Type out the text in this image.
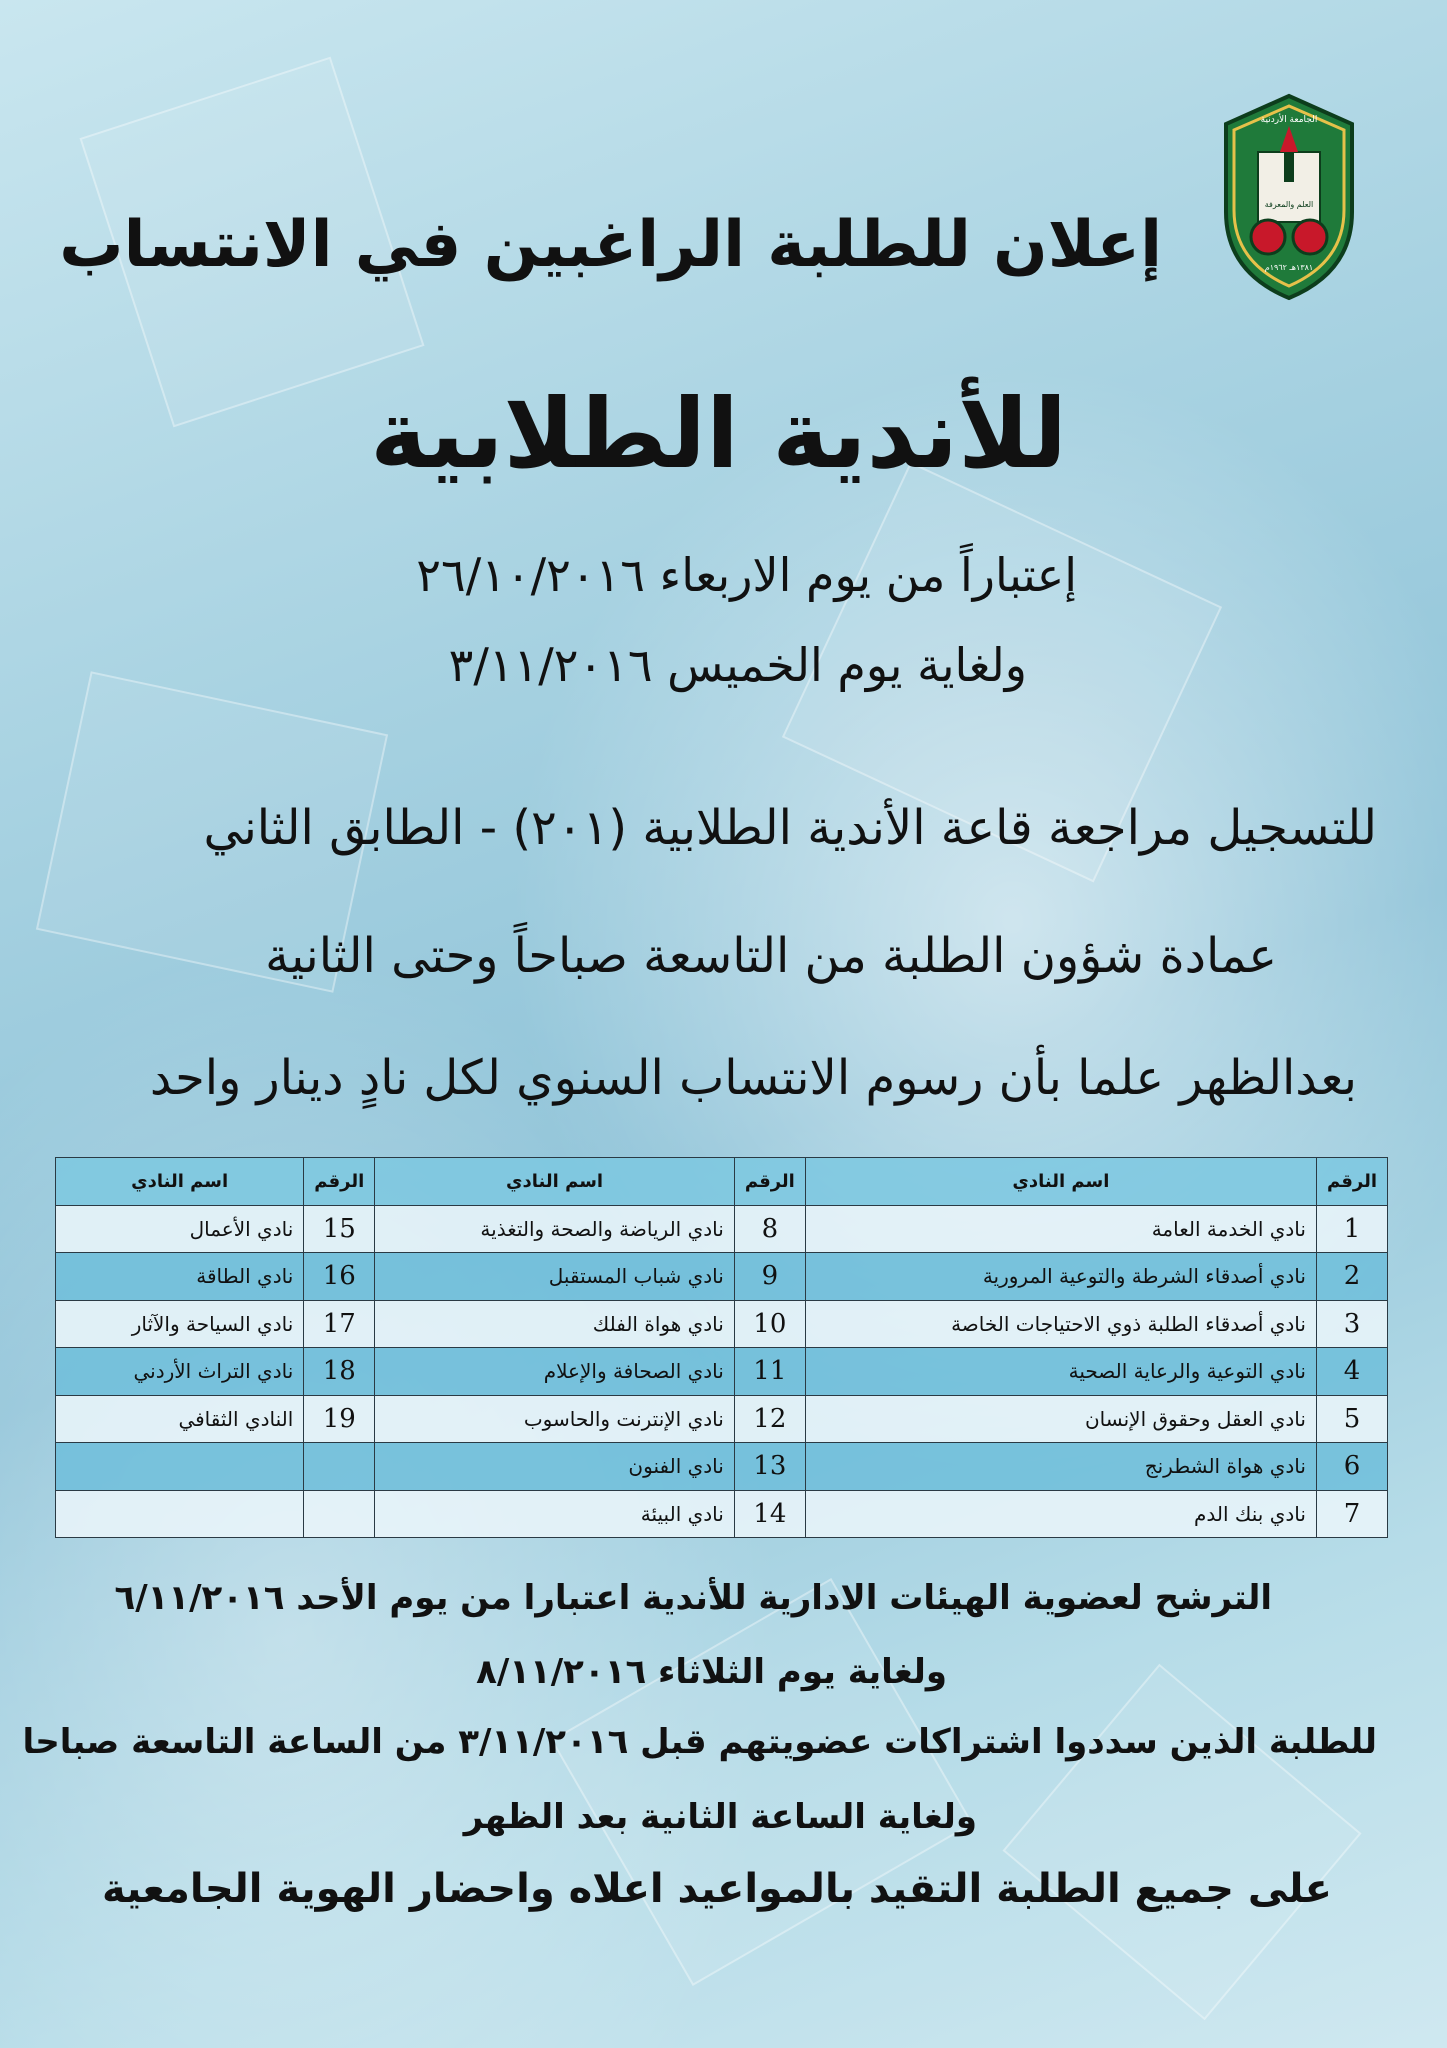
الجامعة الأردنية
العلم والمعرفة
١٣٨١هـ ١٩٦٢م
إعلان للطلبة الراغبين في الانتساب
للأندية الطلابية
إعتباراً من يوم الاربعاء ٢٦/١٠/٢٠١٦
ولغاية يوم الخميس ٣/١١/٢٠١٦
للتسجيل مراجعة قاعة الأندية الطلابية (٢٠١) - الطابق الثاني
عمادة شؤون الطلبة من التاسعة صباحاً وحتى الثانية
بعدالظهر علما بأن رسوم الانتساب السنوي لكل نادٍ دينار واحد
الرقم	اسم النادي	الرقم	اسم النادي	الرقم	اسم النادي
1	نادي الخدمة العامة	8	نادي الرياضة والصحة والتغذية	15	نادي الأعمال
2	نادي أصدقاء الشرطة والتوعية المرورية	9	نادي شباب المستقبل	16	نادي الطاقة
3	نادي أصدقاء الطلبة ذوي الاحتياجات الخاصة	10	نادي هواة الفلك	17	نادي السياحة والآثار
4	نادي التوعية والرعاية الصحية	11	نادي الصحافة والإعلام	18	نادي التراث الأردني
5	نادي العقل وحقوق الإنسان	12	نادي الإنترنت والحاسوب	19	النادي الثقافي
6	نادي هواة الشطرنج	13	نادي الفنون		
7	نادي بنك الدم	14	نادي البيئة		
الترشح لعضوية الهيئات الادارية للأندية اعتبارا من يوم الأحد ٦/١١/٢٠١٦
ولغاية يوم الثلاثاء ٨/١١/٢٠١٦
للطلبة الذين سددوا اشتراكات عضويتهم قبل ٣/١١/٢٠١٦ من الساعة التاسعة صباحا
ولغاية الساعة الثانية بعد الظهر
على جميع الطلبة التقيد بالمواعيد اعلاه واحضار الهوية الجامعية
